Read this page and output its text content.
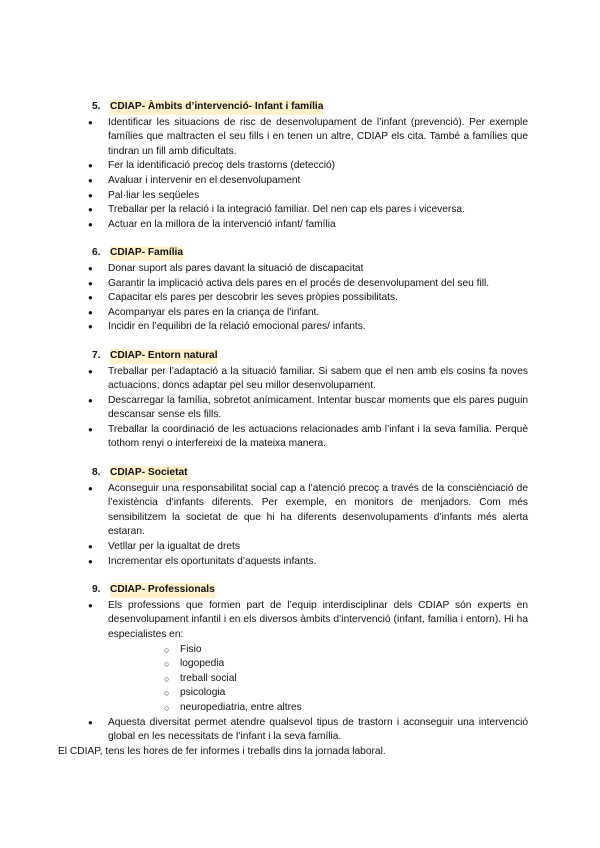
5. CDIAP- Àmbits d’intervenció- Infant i família
● Identificar les situacions de risc de desenvolupament de l’infant (prevenció). Per exemple famílies que maltracten el seu fills i en tenen un altre, CDIAP els cita. També a famílies que tindran un fill amb dificultats.
● Fer la identificació precoç dels trastorns (detecció)
● Avaluar i intervenir en el desenvolupament
● Pal·liar les seqüeles
● Treballar per la relació i la integració familiar. Del nen cap els pares i viceversa.
● Actuar en la millora de la intervenció infant/ família
6. CDIAP- Família
● Donar suport als pares davant la situació de discapacitat
● Garantir la implicació activa dels pares en el procés de desenvolupament del seu fill.
● Capacitar els pares per descobrir les seves pròpies possibilitats.
● Acompanyar els pares en la criança de l’infant.
● Incidir en l’equilibri de la relació emocional pares/ infants.
7. CDIAP- Entorn natural
● Treballar per l’adaptació a la situació familiar. Si sabem que el nen amb els cosins fa noves actuacions, doncs adaptar pel seu millor desenvolupament.
● Descarregar la família, sobretot anímicament. Intentar buscar moments que els pares puguin descansar sense els fills.
● Treballar la coordinació de les actuacions relacionades amb l’infant i la seva família. Perquè tothom renyi o interfereixi de la mateixa manera.
8. CDIAP- Societat
● Aconseguir una responsabilitat social cap a l’atenció precoç a través de la consciènciació de l’existència d’infants diferents. Per exemple, en monitors de menjadors. Com més sensibilitzem la societat de que hi ha diferents desenvolupaments d’infants més alerta estaran.
● Vetllar per la igualtat de drets
● Incrementar els oportunitats d’aquests infants.
9. CDIAP- Professionals
● Els professions que formen part de l’equip interdisciplinar dels CDIAP són experts en desenvolupament infantil i en els diversos àmbits d’intervenció (infant, família i entorn). Hi ha especialistes en:
○ Fisio
○ logopedia
○ treball social
○ psicologia
○ neuropediatria, entre altres
● Aquesta diversitat permet atendre qualsevol tipus de trastorn i aconseguir una intervenció global en les necessitats de l’infant i la seva família.
El CDIAP, tens les hores de fer informes i treballs dins la jornada laboral.
